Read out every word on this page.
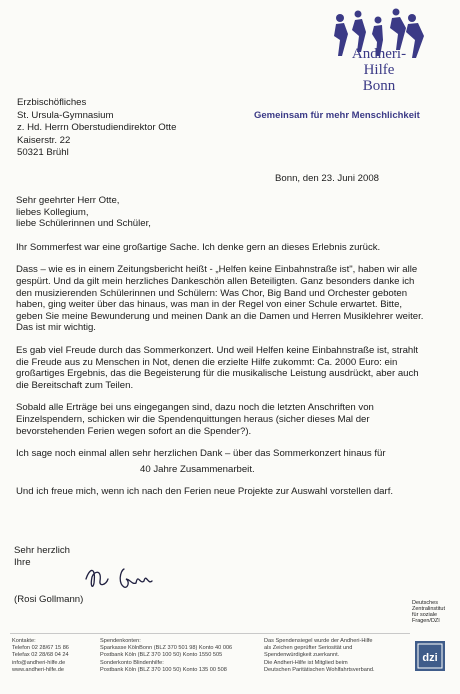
Andheri-
Hilfe
Bonn
Gemeinsam für mehr Menschlichkeit
Erzbischöfliches
St. Ursula-Gymnasium
z. Hd. Herrn Oberstudiendirektor Otte
Kaiserstr. 22
50321 Brühl
Bonn, den 23. Juni 2008

Sehr geehrter Herr Otte,
liebes Kollegium,
liebe Schülerinnen und Schüler,

Ihr Sommerfest war eine großartige Sache. Ich denke gern an dieses Erlebnis zurück.

Dass – wie es in einem Zeitungsbericht heißt - „Helfen keine Einbahnstraße ist", haben wir alle gespürt. Und da gilt mein herzliches Dankeschön allen Beteiligten. Ganz besonders danke ich den musizierenden Schülerinnen und Schülern: Was Chor, Big Band und Orchester geboten haben, ging weiter über das hinaus, was man in der Regel von einer Schule erwartet. Bitte, geben Sie meine Bewunderung und meinen Dank an die Damen und Herren Musiklehrer weiter. Das ist mir wichtig.

Es gab viel Freude durch das Sommerkonzert. Und weil Helfen keine Einbahnstraße ist, strahlt die Freude aus zu Menschen in Not, denen die erzielte Hilfe zukommt: Ca. 2000 Euro: ein großartiges Ergebnis, das die Begeisterung für die musikalische Leistung ausdrückt, aber auch die Bereitschaft zum Teilen.

Sobald alle Erträge bei uns eingegangen sind, dazu noch die letzten Anschriften von Einzelspendern, schicken wir die Spendenquittungen heraus (sicher dieses Mal der bevorstehenden Ferien wegen sofort an die Spender?).

Ich sage noch einmal allen sehr herzlichen Dank – über das Sommerkonzert hinaus für

40 Jahre Zusammenarbeit.

Und ich freue mich, wenn ich nach den Ferien neue Projekte zur Auswahl vorstellen darf.

Sehr herzlich
Ihre
(Rosi Gollmann)	Deutsches
Zentralinstitut
für soziale
Fragen/DZI
dzi
Kontakte:
Telefon 02 28/67 15 86
Telefax 02 28/68 04 24
info@andheri-hilfe.de
www.andheri-hilfe.de
Spendenkonten:
Sparkasse KölnBonn (BLZ 370 501 98) Konto 40 006
Postbank Köln (BLZ 370 100 50) Konto 1550 505
Sonderkonto Blindenhilfe:
Postbank Köln (BLZ 370 100 50) Konto 135 00 508
Das Spendensiegel wurde der Andheri-Hilfe
als Zeichen geprüfter Seriosität und
Spendenwürdigkeit zuerkannt.
Die Andheri-Hilfe ist Mitglied beim
Deutschen Paritätischen Wohlfahrtsverband.
